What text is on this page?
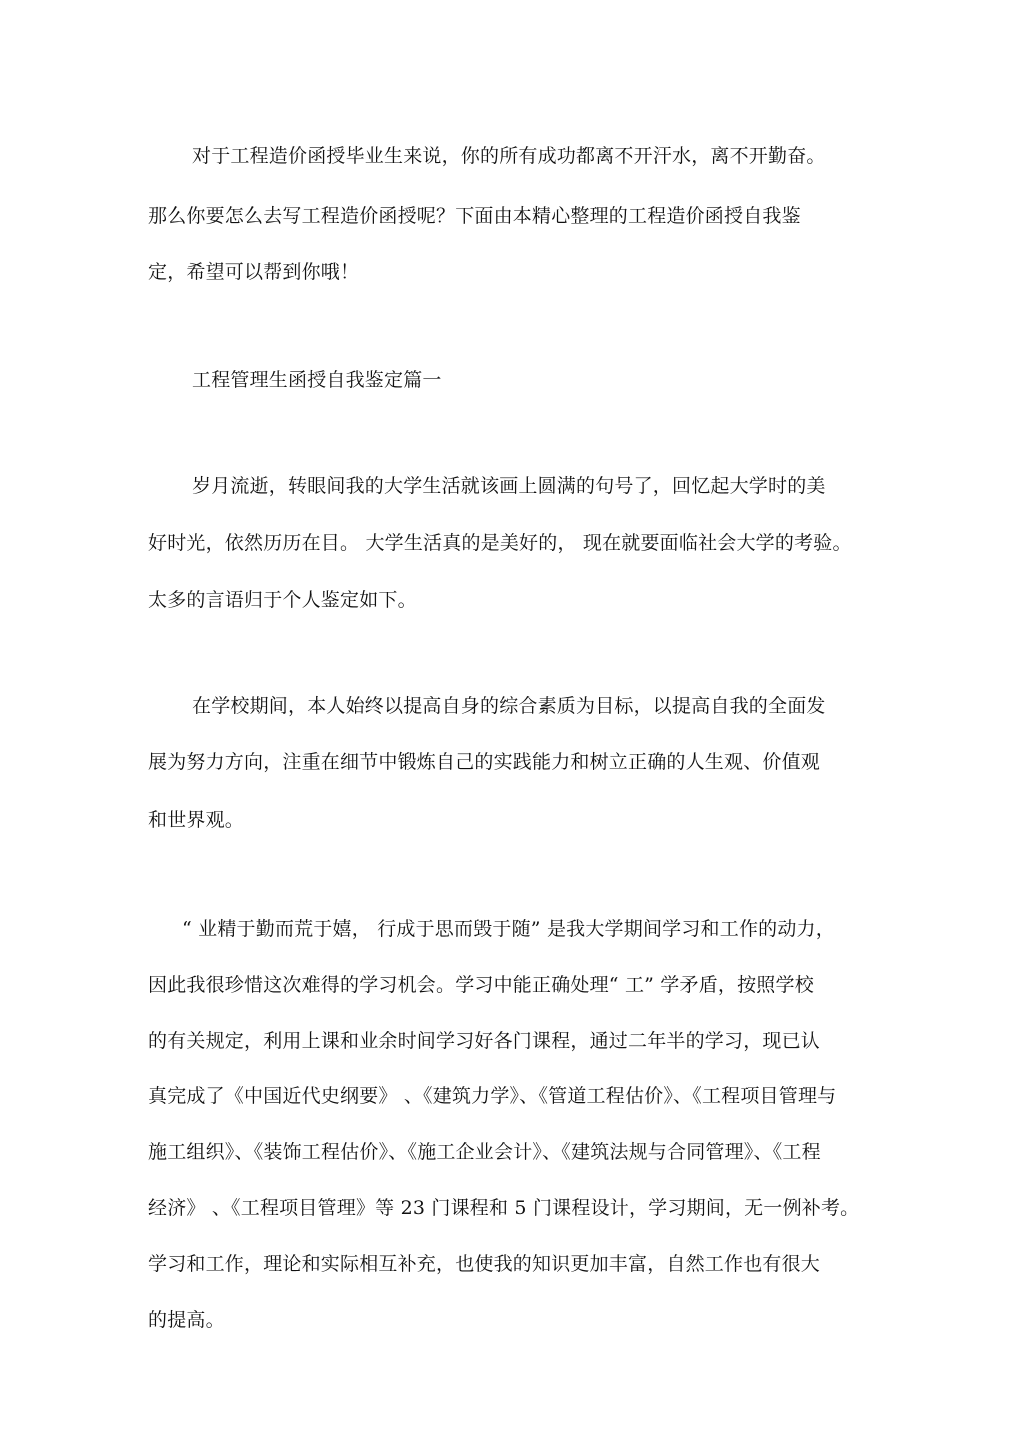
对于工程造价函授毕业生来说，你的所有成功都离不开汗水，离不开勤奋。
那么你要怎么去写工程造价函授呢？下面由本精心整理的工程造价函授自我鉴
定，希望可以帮到你哦！
工程管理生函授自我鉴定篇一
岁月流逝，转眼间我的大学生活就该画上圆满的句号了，回忆起大学时的美
好时光，依然历历在目。 大学生活真的是美好的， 现在就要面临社会大学的考验。
太多的言语归于个人鉴定如下。
在学校期间，本人始终以提高自身的综合素质为目标，以提高自我的全面发
展为努力方向，注重在细节中锻炼自己的实践能力和树立正确的人生观、价值观
和世界观。
“ 业精于勤而荒于嬉， 行成于思而毁于随” 是我大学期间学习和工作的动力，
因此我很珍惜这次难得的学习机会。学习中能正确处理“ 工” 学矛盾，按照学校
的有关规定，利用上课和业余时间学习好各门课程，通过二年半的学习，现已认
真完成了《中国近代史纲要》 、《建筑力学》、《管道工程估价》、《工程项目管理与
施工组织》、《装饰工程估价》、《施工企业会计》、《建筑法规与合同管理》、《工程
经济》 、《工程项目管理》等 23 门课程和 5 门课程设计，学习期间，无一例补考。
学习和工作，理论和实际相互补充，也使我的知识更加丰富，自然工作也有很大
的提高。
